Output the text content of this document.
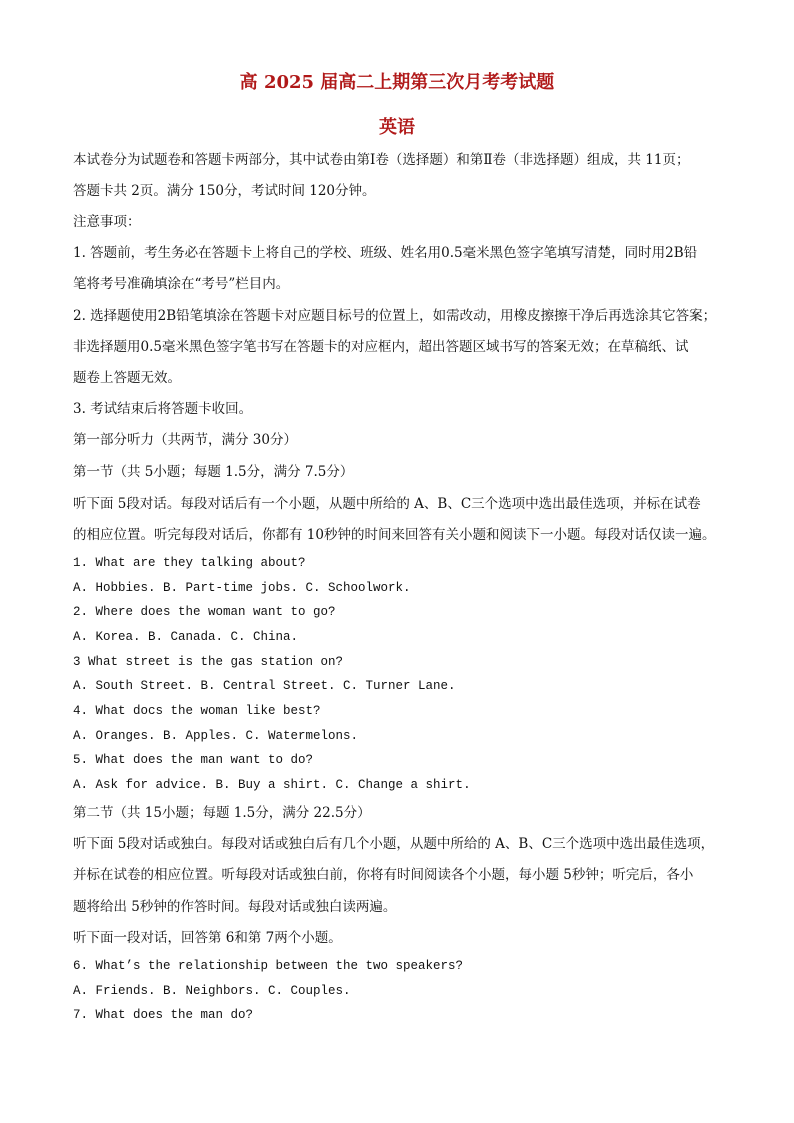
高 2025 届高二上期第三次月考考试题
英语
本试卷分为试题卷和答题卡两部分，其中试卷由第Ⅰ卷（选择题）和第Ⅱ卷（非选择题）组成，共 11页；
答题卡共 2页。满分 150分，考试时间 120分钟。
注意事项：
1. 答题前，考生务必在答题卡上将自己的学校、班级、姓名用0.5毫米黑色签字笔填写清楚，同时用2B铅
笔将考号准确填涂在“考号”栏目内。
2. 选择题使用2B铅笔填涂在答题卡对应题目标号的位置上，如需改动，用橡皮擦擦干净后再选涂其它答案；
非选择题用0.5毫米黑色签字笔书写在答题卡的对应框内，超出答题区域书写的答案无效；在草稿纸、试
题卷上答题无效。
3. 考试结束后将答题卡收回。
第一部分听力（共两节，满分 30分）
第一节（共 5小题；每题 1.5分，满分 7.5分）
听下面 5段对话。每段对话后有一个小题，从题中所给的 A、B、C三个选项中选出最佳选项，并标在试卷
的相应位置。听完每段对话后，你都有 10秒钟的时间来回答有关小题和阅读下一小题。每段对话仅读一遍。
1. What are they talking about?
A. Hobbies. B. Part-time jobs. C. Schoolwork.
2. Where does the woman want to go?
A. Korea. B. Canada. C. China.
3 What street is the gas station on?
A. South Street. B. Central Street. C. Turner Lane.
4. What docs the woman like best?
A. Oranges. B. Apples. C. Watermelons.
5. What does the man want to do?
A. Ask for advice. B. Buy a shirt. C. Change a shirt.
第二节（共 15小题；每题 1.5分，满分 22.5分）
听下面 5段对话或独白。每段对话或独白后有几个小题，从题中所给的 A、B、C三个选项中选出最佳选项，
并标在试卷的相应位置。听每段对话或独白前，你将有时间阅读各个小题，每小题 5秒钟；听完后，各小
题将给出 5秒钟的作答时间。每段对话或独白读两遍。
听下面一段对话，回答第 6和第 7两个小题。
6. What’s the relationship between the two speakers?
A. Friends. B. Neighbors. C. Couples.
7. What does the man do?
